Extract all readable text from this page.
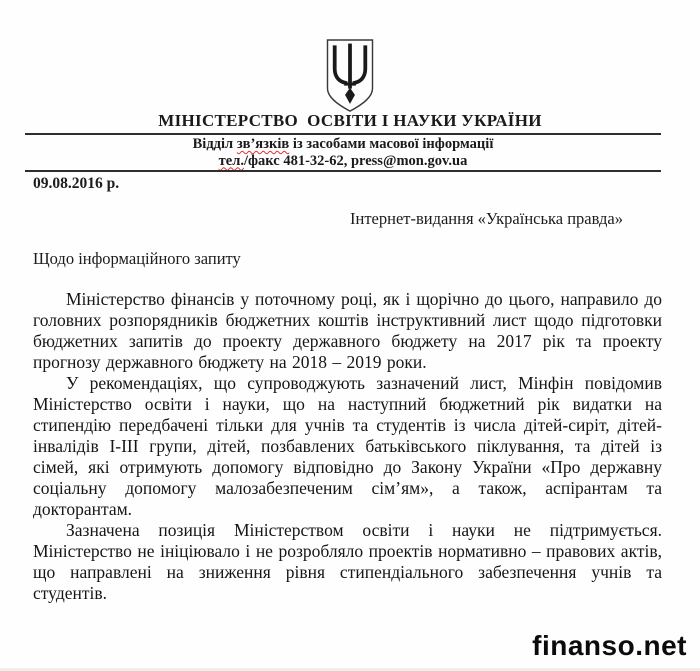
МІНІСТЕРСТВО  ОСВІТИ І НАУКИ УКРАЇНИ
Відділ зв’язків із засобами масової інформації
тел./факс 481-32-62, press@mon.gov.ua
09.08.2016 р.
Інтернет-видання «Українська правда»
Щодо інформаційного запиту

Міністерство фінансів у поточному році, як і щорічно до цього, направило до головних розпорядників бюджетних коштів інструктивний лист щодо підготовки бюджетних запитів до проекту державного бюджету на 2017 рік та проекту прогнозу державного бюджету на 2018 – 2019 роки.

У рекомендаціях, що супроводжують зазначений лист, Мінфін повідомив Міністерство освіти і науки, що на наступний бюджетний рік видатки на стипендію передбачені тільки для учнів та студентів із числа дітей-сиріт, дітей-інвалідів І-ІІІ групи, дітей, позбавлених батьківського піклування, та дітей із сімей, які отримують допомогу відповідно до Закону України «Про державну соціальну допомогу малозабезпеченим сім’ям», а також, аспірантам та докторантам.

Зазначена позиція Міністерством освіти і науки не підтримується. Міністерство не ініціювало і не розробляло проектів нормативно – правових актів, що направлені на зниження рівня стипендіального забезпечення учнів та студентів.

finanso.net
